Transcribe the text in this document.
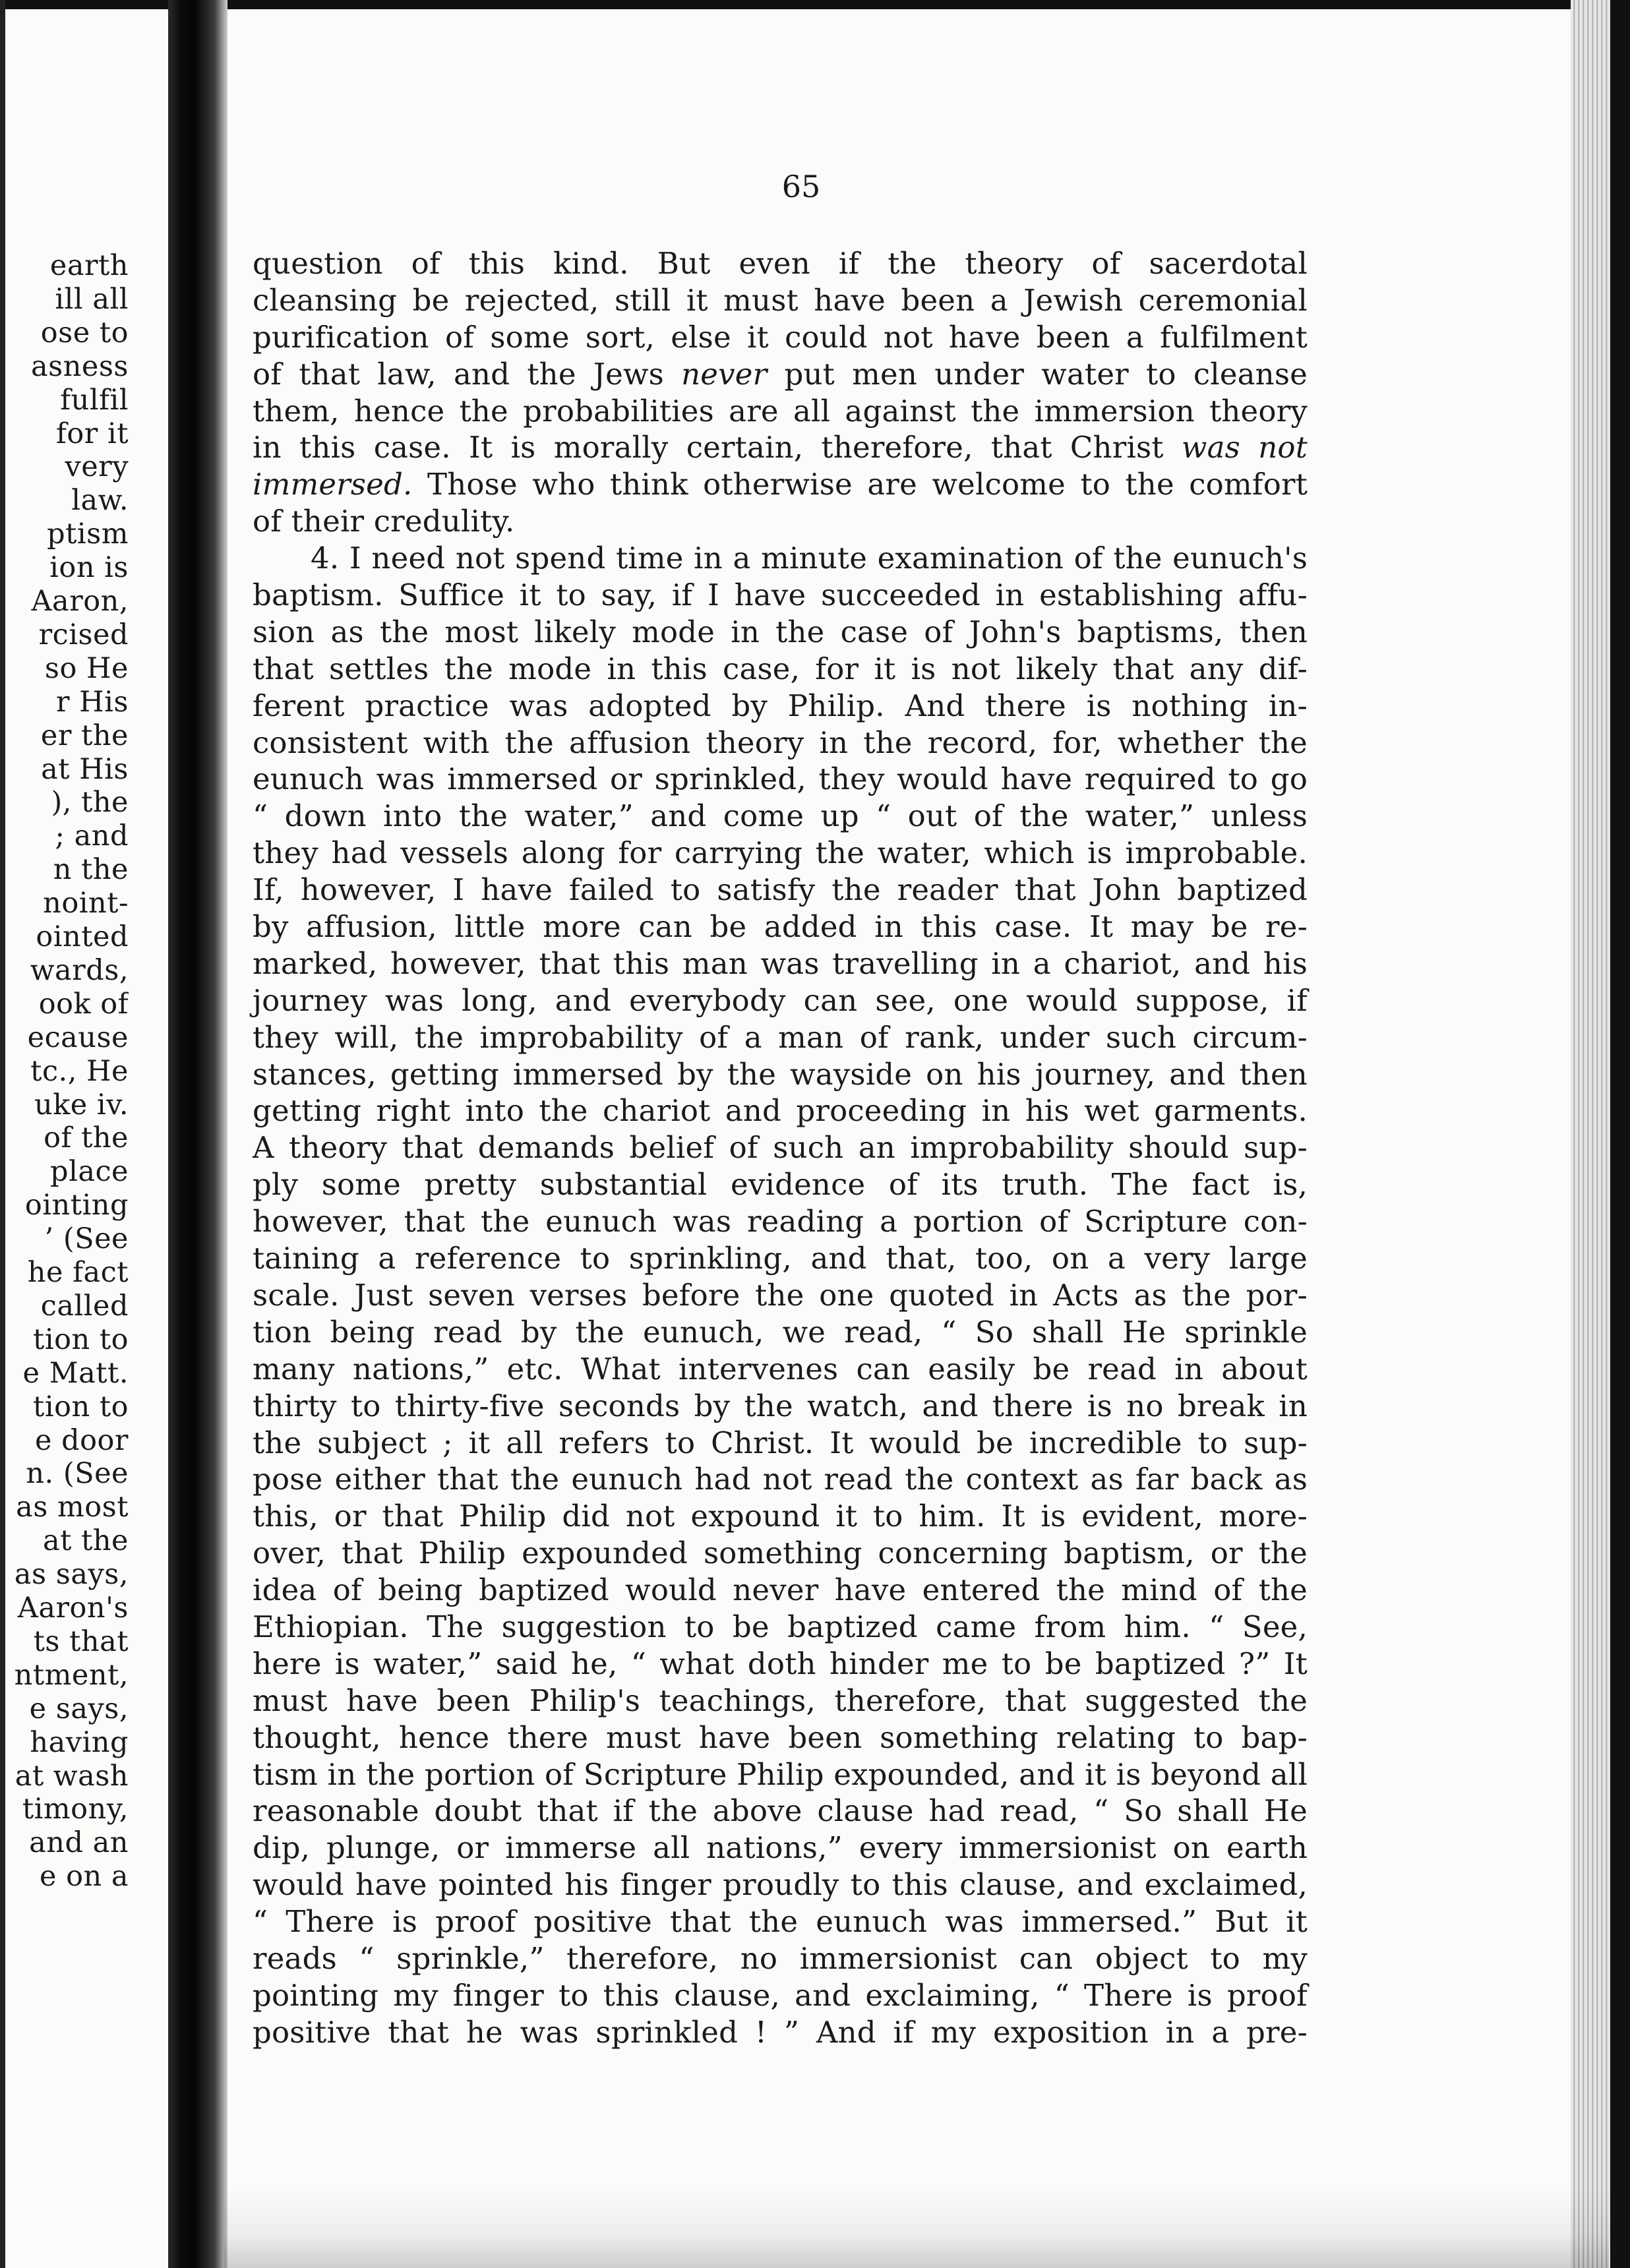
earth
ill all
ose to
asness
fulfil
for it
very
law.
ptism
ion is
Aaron,
rcised
so He
r His
er the
at His
), the
; and
n the
noint-
ointed
wards,
ook of
ecause
tc., He
uke iv.
of the
place
ointing
’ (See
he fact
called
tion to
e Matt.
tion to
e door
n. (See
as most
at the
as says,
Aaron's
ts that
ntment,
e says,
having
at wash
timony,
and an
e on a
65
question of this kind. But even if the theory of sacerdotal
cleansing be rejected, still it must have been a Jewish ceremonial
purification of some sort, else it could not have been a fulfilment
of that law, and the Jews never put men under water to cleanse
them, hence the probabilities are all against the immersion theory
in this case. It is morally certain, therefore, that Christ was not
immersed. Those who think otherwise are welcome to the comfort
of their credulity.
4. I need not spend time in a minute examination of the eunuch's
baptism. Suffice it to say, if I have succeeded in establishing affu-
sion as the most likely mode in the case of John's baptisms, then
that settles the mode in this case, for it is not likely that any dif-
ferent practice was adopted by Philip. And there is nothing in-
consistent with the affusion theory in the record, for, whether the
eunuch was immersed or sprinkled, they would have required to go
“ down into the water,” and come up “ out of the water,” unless
they had vessels along for carrying the water, which is improbable.
If, however, I have failed to satisfy the reader that John baptized
by affusion, little more can be added in this case. It may be re-
marked, however, that this man was travelling in a chariot, and his
journey was long, and everybody can see, one would suppose, if
they will, the improbability of a man of rank, under such circum-
stances, getting immersed by the wayside on his journey, and then
getting right into the chariot and proceeding in his wet garments.
A theory that demands belief of such an improbability should sup-
ply some pretty substantial evidence of its truth. The fact is,
however, that the eunuch was reading a portion of Scripture con-
taining a reference to sprinkling, and that, too, on a very large
scale. Just seven verses before the one quoted in Acts as the por-
tion being read by the eunuch, we read, “ So shall He sprinkle
many nations,” etc. What intervenes can easily be read in about
thirty to thirty-five seconds by the watch, and there is no break in
the subject ; it all refers to Christ. It would be incredible to sup-
pose either that the eunuch had not read the context as far back as
this, or that Philip did not expound it to him. It is evident, more-
over, that Philip expounded something concerning baptism, or the
idea of being baptized would never have entered the mind of the
Ethiopian. The suggestion to be baptized came from him. “ See,
here is water,” said he, “ what doth hinder me to be baptized ?” It
must have been Philip's teachings, therefore, that suggested the
thought, hence there must have been something relating to bap-
tism in the portion of Scripture Philip expounded, and it is beyond all
reasonable doubt that if the above clause had read, “ So shall He
dip, plunge, or immerse all nations,” every immersionist on earth
would have pointed his finger proudly to this clause, and exclaimed,
“ There is proof positive that the eunuch was immersed.” But it
reads “ sprinkle,” therefore, no immersionist can object to my
pointing my finger to this clause, and exclaiming, “ There is proof
positive that he was sprinkled ! ” And if my exposition in a pre-
